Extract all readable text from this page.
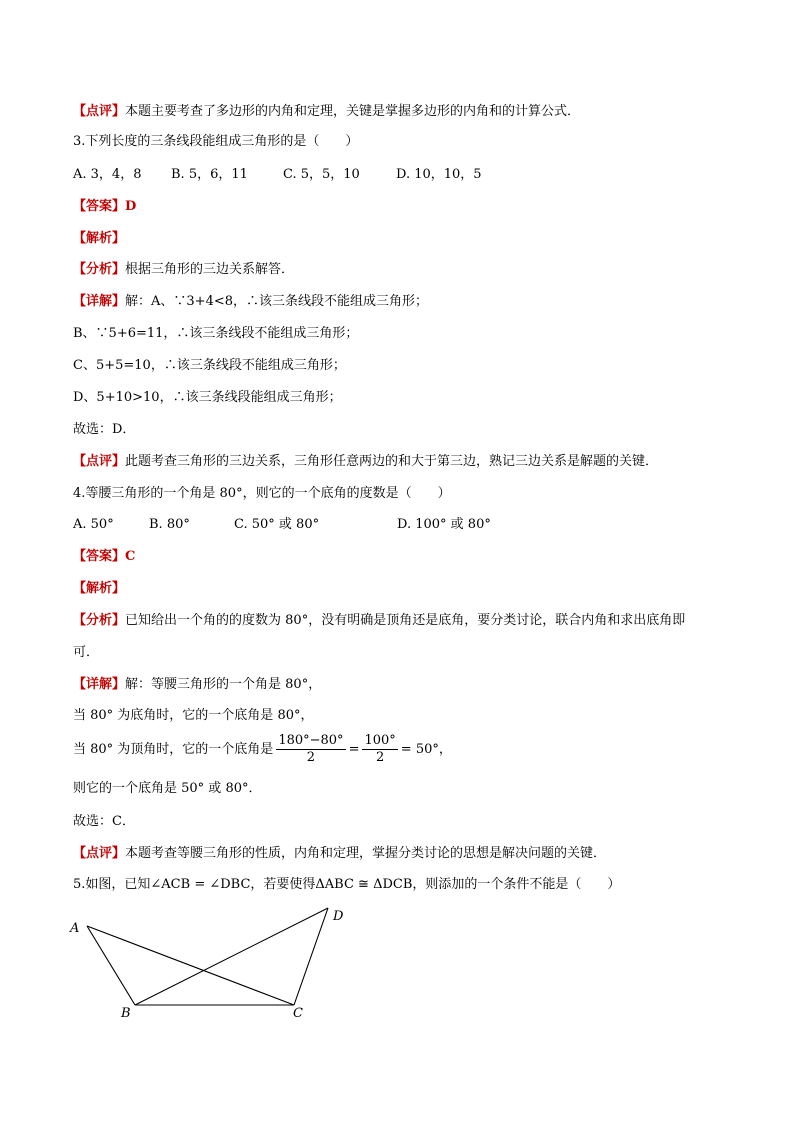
【点评】本题主要考查了多边形的内角和定理，关键是掌握多边形的内角和的计算公式．
3.下列长度的三条线段能组成三角形的是（　　）
A. 3，4，8 B. 5，6，11	C. 5，5，10	D. 10，10，5
【答案】D
【解析】
【分析】根据三角形的三边关系解答．
【详解】解：A、∵3+4<8，∴该三条线段不能组成三角形；
B、∵5+6=11，∴该三条线段不能组成三角形；
C、5+5=10，∴该三条线段不能组成三角形；
D、5+10>10，∴该三条线段能组成三角形；
故选：D．
【点评】此题考查三角形的三边关系，三角形任意两边的和大于第三边，熟记三边关系是解题的关键．
4.等腰三角形的一个角是 80°，则它的一个底角的度数是（　　）
A. 50°	B. 80°	C. 50° 或 80°	D. 100° 或 80°
【答案】C
【解析】
【分析】已知给出一个角的的度数为 80°，没有明确是顶角还是底角，要分类讨论，联合内角和求出底角即
可．
【详解】解：等腰三角形的一个角是 80°，
当 80° 为底角时，它的一个底角是 80°，
当 80° 为顶角时，它的一个底角是 $\frac{180^\circ-80^\circ}{2} = \frac{100^\circ}{2} = 50^\circ$，
则它的一个底角是 50° 或 80°．
故选：C．
【点评】本题考查等腰三角形的性质，内角和定理，掌握分类讨论的思想是解决问题的关键．
5.如图，已知∠ACB = ∠DBC，若要使得ΔABC ≅ ΔDCB，则添加的一个条件不能是（　　）
A
B	C
D
